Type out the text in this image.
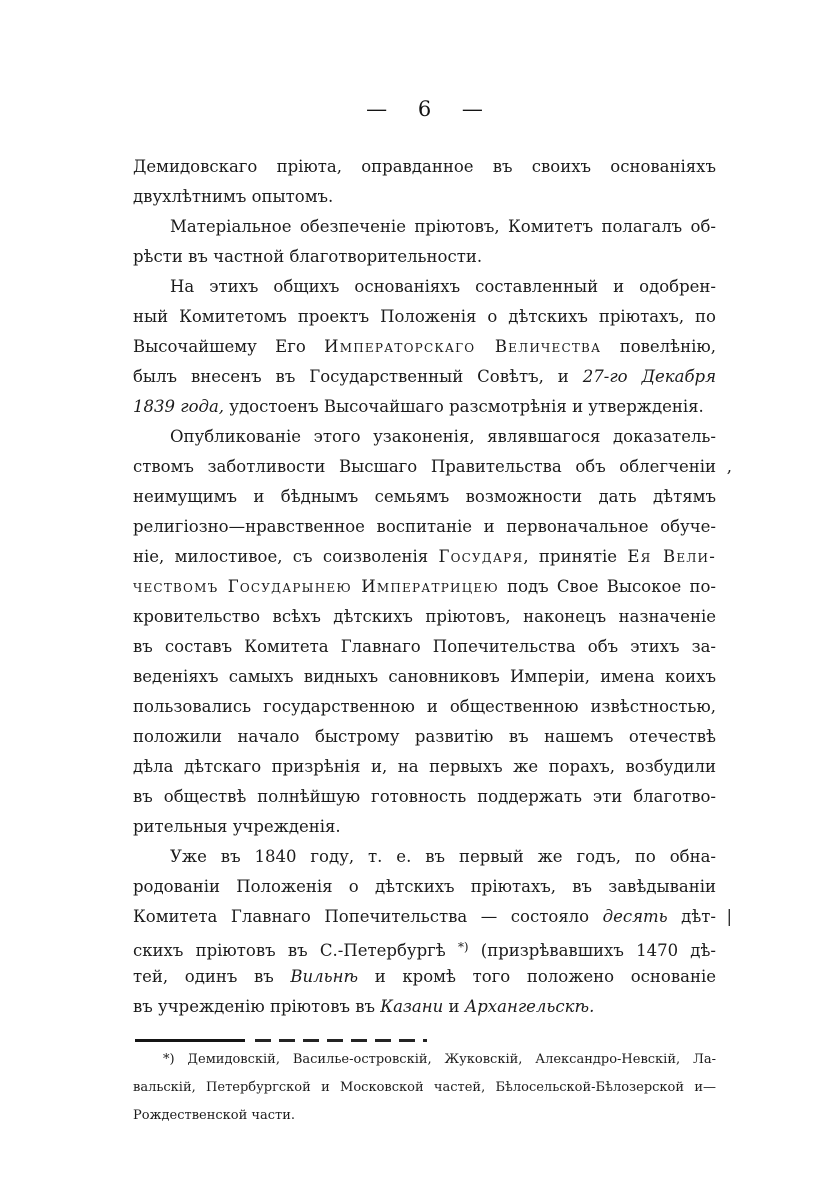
— 6 —
Демидовскаго пріюта, оправданное въ своихъ основаніяхъ
двухлѣтнимъ опытомъ.
Матеріальное обезпеченіе пріютовъ, Комитетъ полагалъ об-
рѣсти въ частной благотворительности.
На этихъ общихъ основаніяхъ составленный и одобрен-
ный Комитетомъ проектъ Положенія о дѣтскихъ пріютахъ, по
Высочайшему Его Императорскаго Величества повелѣнію,
былъ внесенъ въ Государственный Совѣтъ, и 27-го Декабря
1839 года, удостоенъ Высочайшаго разсмотрѣнія и утвержденія.
Опубликованіе этого узаконенія, являвшагося доказатель-
ствомъ заботливости Высшаго Правительства объ облегченіи ,
неимущимъ и бѣднымъ семьямъ возможности дать дѣтямъ
религіозно—нравственное воспитаніе и первоначальное обуче-
ніе, милостивое, съ соизволенія Государя, принятіе Ея Вели-
чествомъ Государынею Императрицею подъ Свое Высокое по-
кровительство всѣхъ дѣтскихъ пріютовъ, наконецъ назначеніе
въ составъ Комитета Главнаго Попечительства объ этихъ за-
веденіяхъ самыхъ видныхъ сановниковъ Имперіи, имена коихъ
пользовались государственною и общественною извѣстностью,
положили начало быстрому развитію въ нашемъ отечествѣ
дѣла дѣтскаго призрѣнія и, на первыхъ же порахъ, возбудили
въ обществѣ полнѣйшую готовность поддержать эти благотво-
рительныя учрежденія.
Уже въ 1840 году, т. е. въ первый же годъ, по обна-
родованіи Положенія о дѣтскихъ пріютахъ, въ завѣдываніи
Комитета Главнаго Попечительства — состояло десять дѣт- |
скихъ пріютовъ въ С.-Петербургѣ *) (призрѣвавшихъ 1470 дѣ-
тей, одинъ въ Вильнѣ и кромѣ того положено основаніе
въ учрежденію пріютовъ въ Казани и Архангельскѣ.
*) Демидовскій, Василье-островскій, Жуковскій, Александро-Невскій, Ла-
вальскій, Петербургской и Московской частей, Бѣлосельской-Бѣлозерской и—
Рождественской части.
